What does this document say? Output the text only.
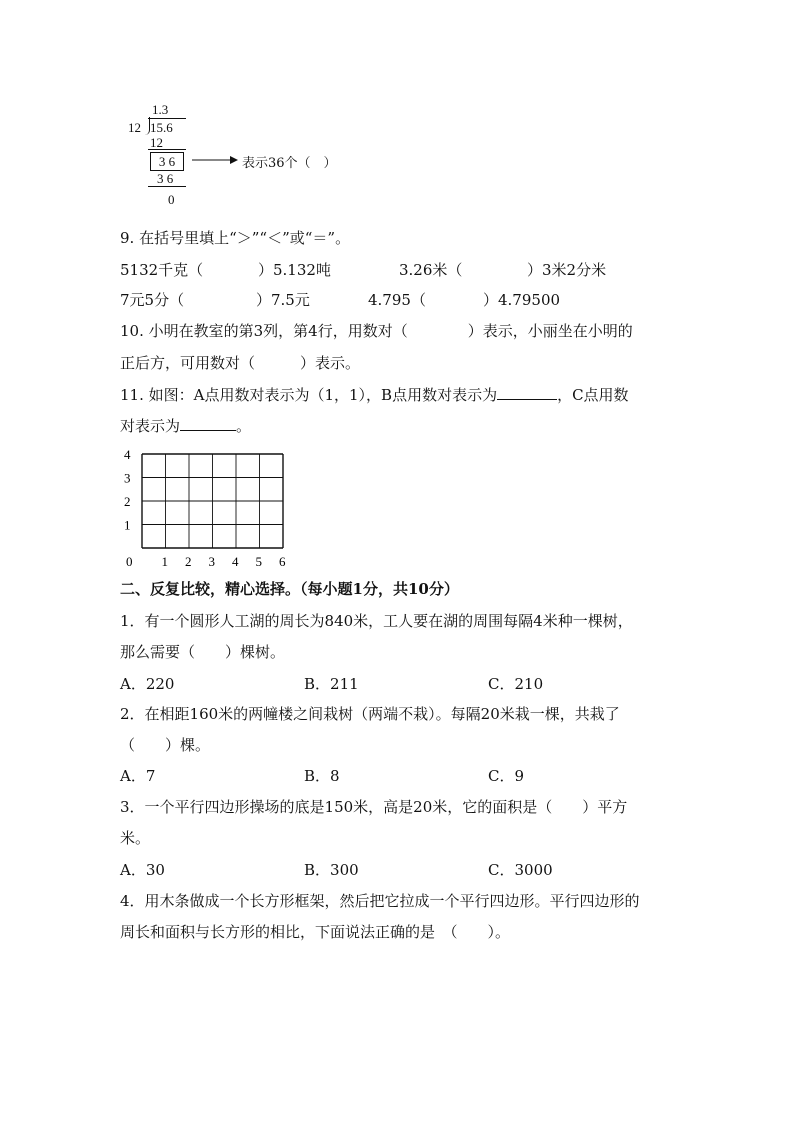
1.3
12 15.6
12
3 6	表示36个（　）
3 6
0
9. 在括号里填上“＞”“＜”或“＝”。
5132千克（	）5.132吨	3.26米（	）3米2分米
7元5分（	）7.5元	4.795（	）4.79500
10. 小明在教室的第3列，第4行，用数对（　　　　）表示，小丽坐在小明的
正后方，可用数对（　　　）表示。
11. 如图：A点用数对表示为（1，1），B点用数对表示为	，C点用数
对表示为	。
0 1 2 3 4 5 6
1
2
3
4
二、反复比较，精心选择。（每小题1分，共10分）
1．有一个圆形人工湖的周长为840米，工人要在湖的周围每隔4米种一棵树，
那么需要（　　）棵树。
A．220	B．211	C．210
2．在相距160米的两幢楼之间栽树（两端不栽）。每隔20米栽一棵，共栽了
（　　）棵。
A．7	B．8	C．9
3．一个平行四边形操场的底是150米，高是20米，它的面积是（　　）平方
米。
A．30	B．300	C．3000
4．用木条做成一个长方形框架，然后把它拉成一个平行四边形。平行四边形的
周长和面积与长方形的相比，下面说法正确的是　（　　）。
